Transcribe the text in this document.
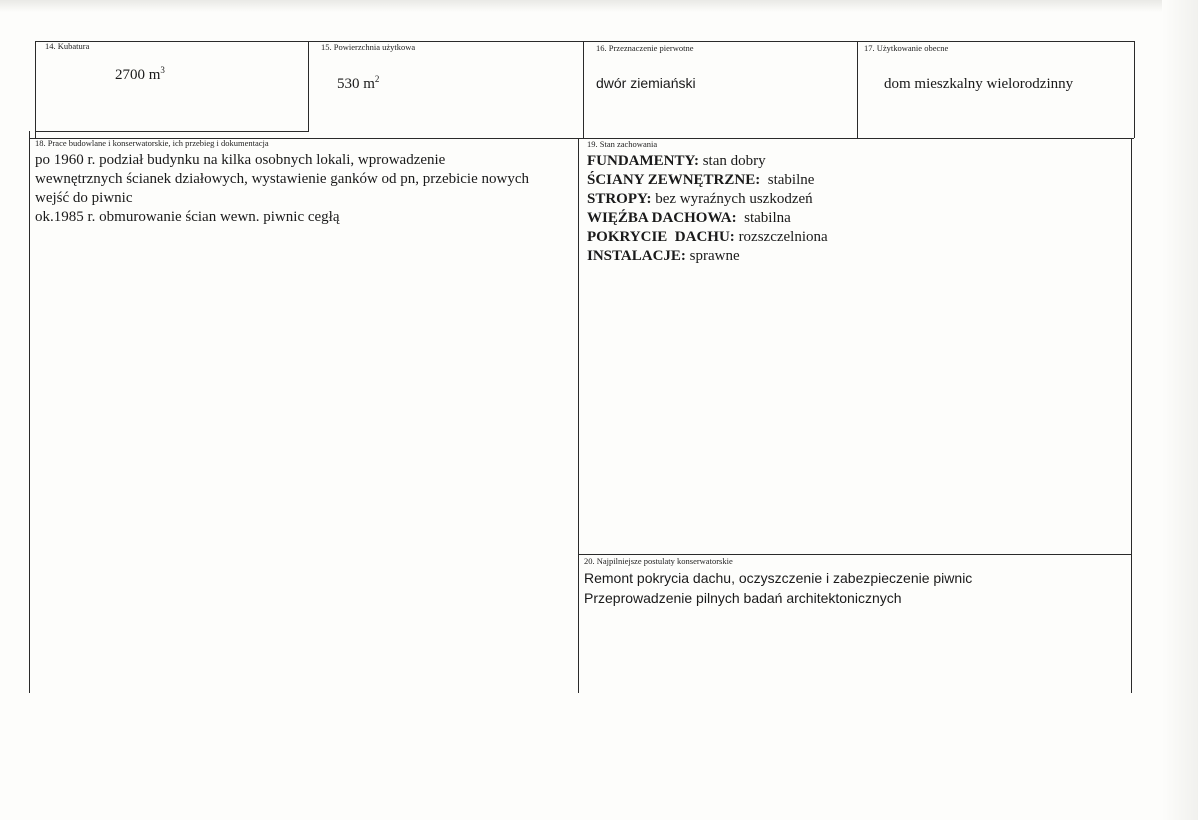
14. Kubatura
2700 $m^3$
15. Powierzchnia użytkowa
530 $m^2$
16. Przeznaczenie pierwotne
dwór ziemiański
17. Użytkowanie obecne
dom mieszkalny wielorodzinny
18. Prace budowlane i konserwatorskie, ich przebieg i dokumentacja
po 1960 r. podział budynku na kilka osobnych lokali, wprowadzenie
wewnętrznych ścianek działowych, wystawienie ganków od pn, przebicie nowych
wejść do piwnic
ok.1985 r. obmurowanie ścian wewn. piwnic cegłą
19. Stan zachowania
FUNDAMENTY: stan dobry
ŚCIANY ZEWNĘTRZNE:  stabilne
STROPY: bez wyraźnych uszkodzeń
WIĘŹBA DACHOWA:  stabilna
POKRYCIE  DACHU: rozszczelniona
INSTALACJE: sprawne
20. Najpilniejsze postulaty konserwatorskie
Remont pokrycia dachu, oczyszczenie i zabezpieczenie piwnic
Przeprowadzenie pilnych badań architektonicznych
